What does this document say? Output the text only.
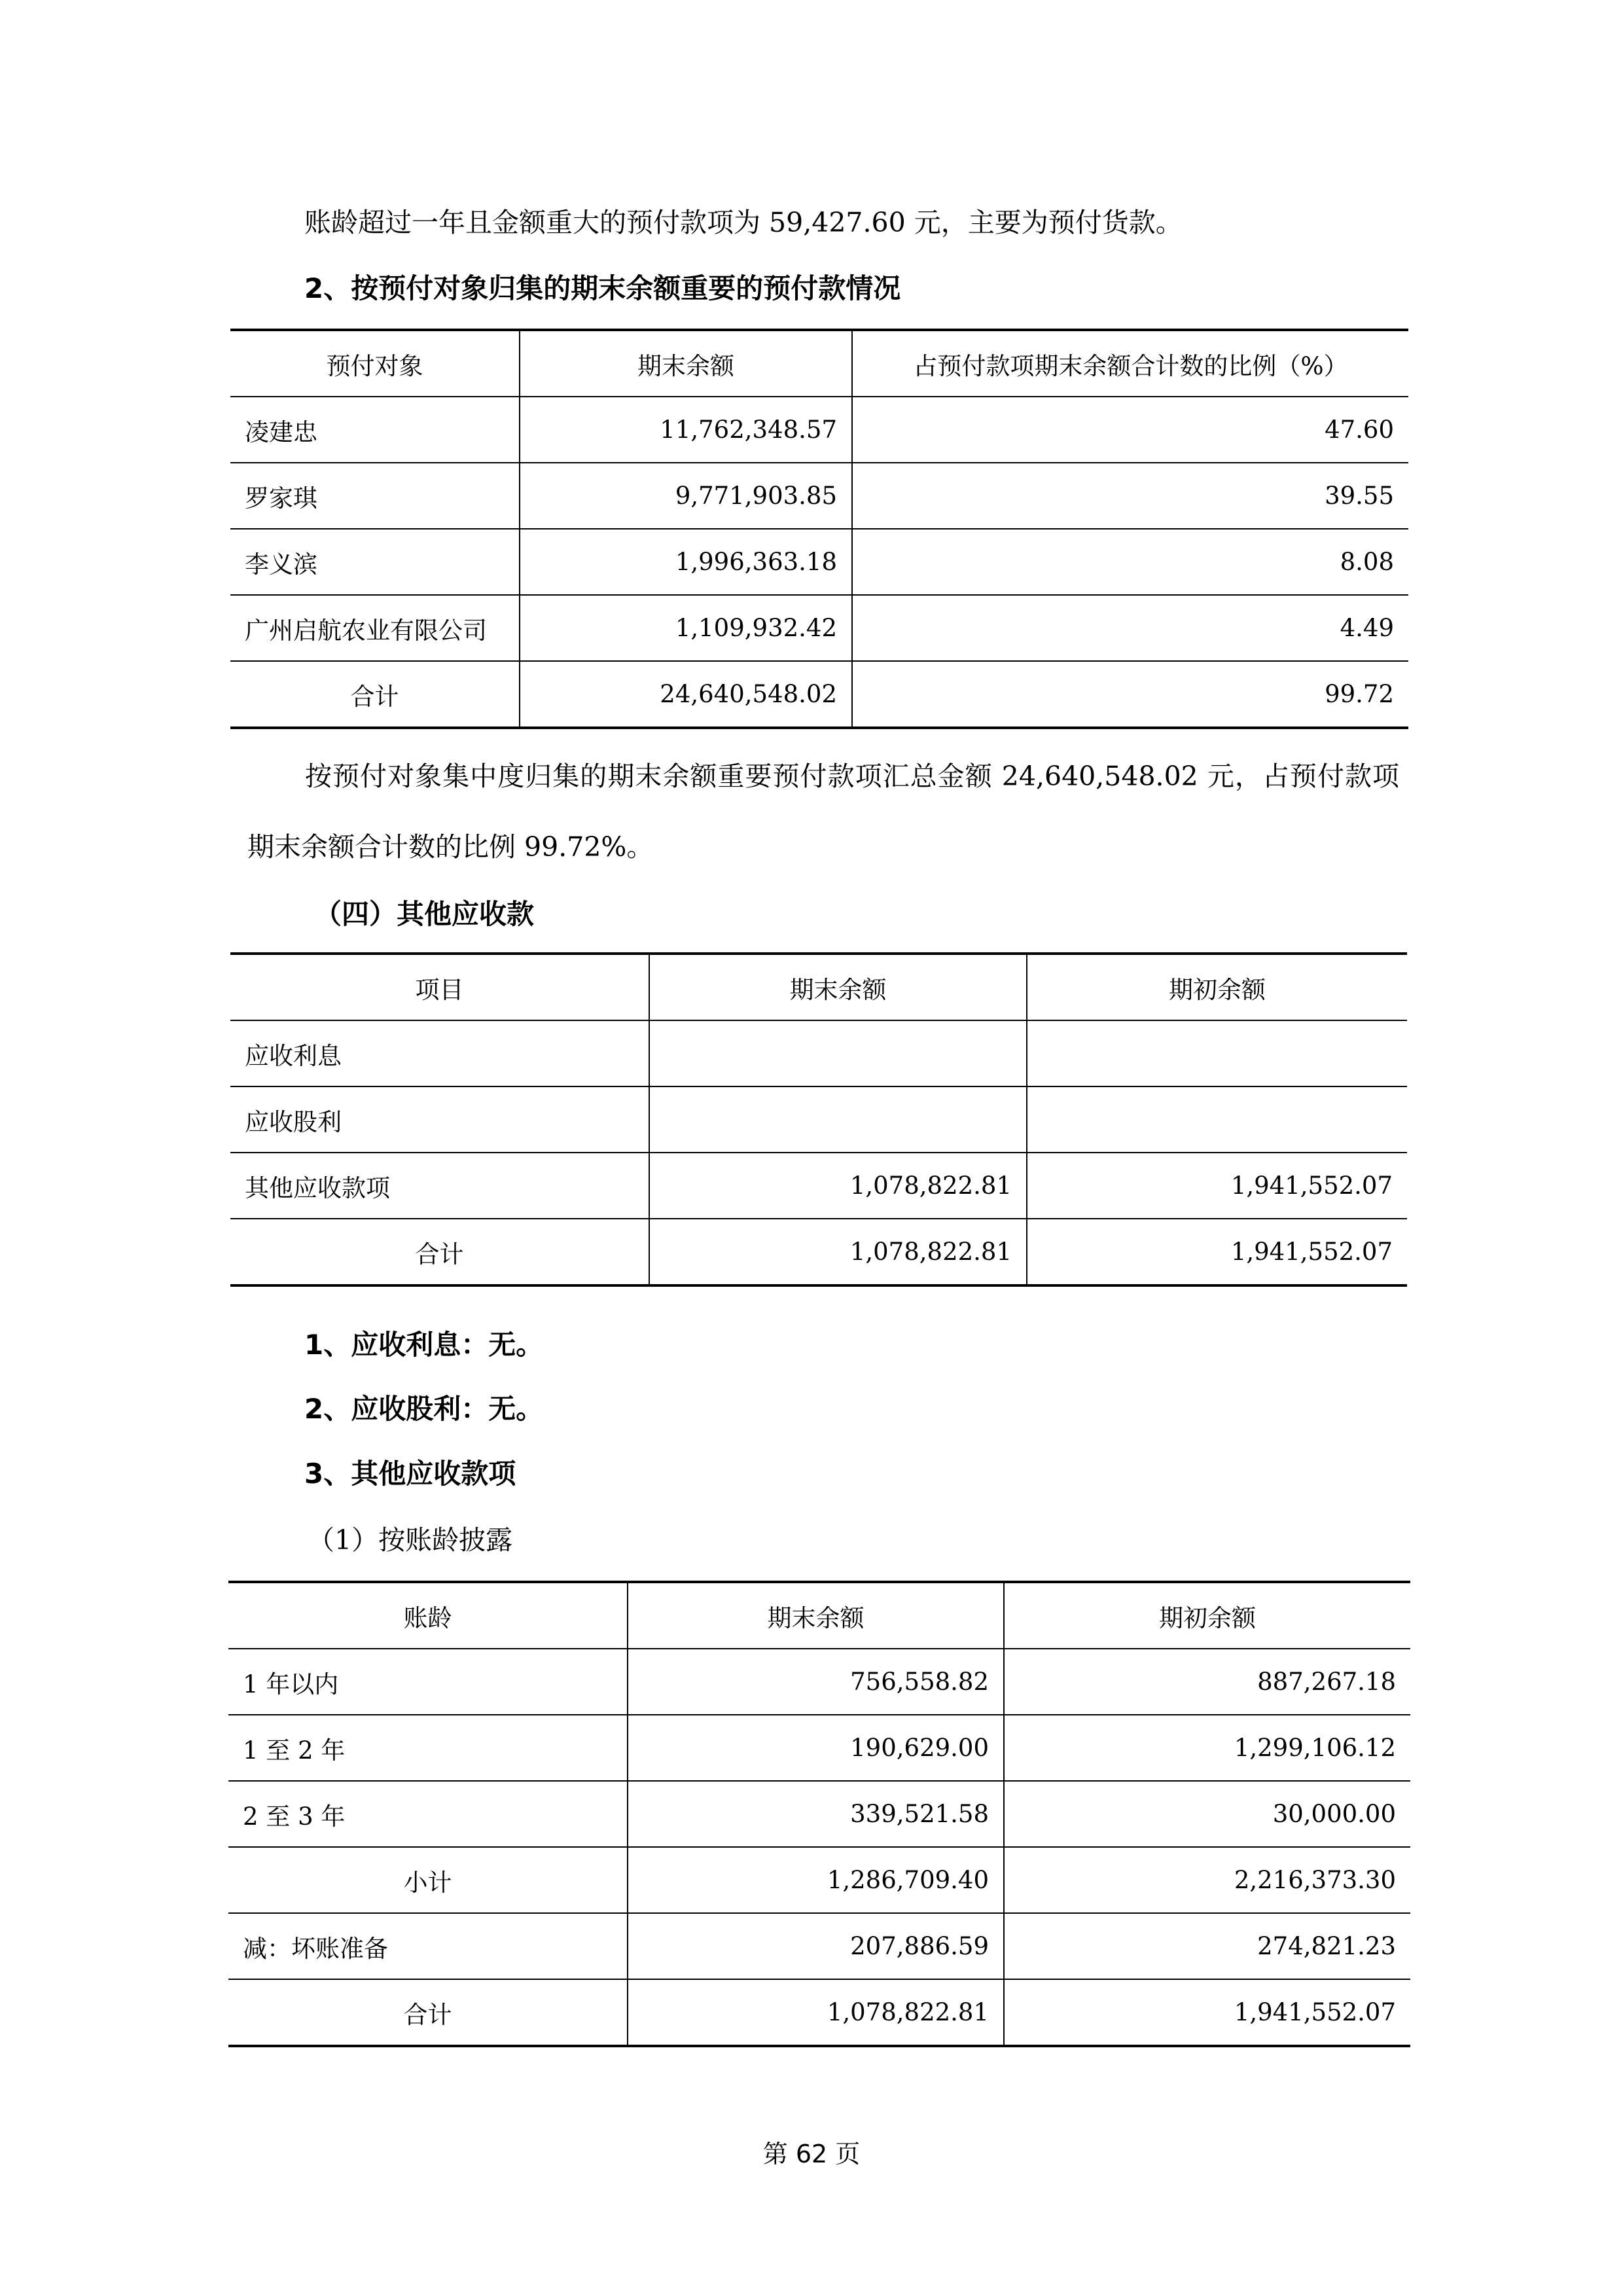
账龄超过一年且金额重大的预付款项为 59,427.60 元，主要为预付货款。

2、按预付对象归集的期末余额重要的预付款情况
预付对象	期末余额	占预付款项期末余额合计数的比例（%）
凌建忠	11,762,348.57	47.60
罗家琪	9,771,903.85	39.55
李义滨	1,996,363.18	8.08
广州启航农业有限公司	1,109,932.42	4.49
合计	24,640,548.02	99.72

按预付对象集中度归集的期末余额重要预付款项汇总金额 24,640,548.02 元，占预付款项期末余额合计数的比例 99.72%。

（四）其他应收款
项目	期末余额	期初余额
应收利息		
应收股利		
其他应收款项	1,078,822.81	1,941,552.07
合计	1,078,822.81	1,941,552.07
1、应收利息：无。
2、应收股利：无。
3、其他应收款项

（1）按账龄披露

账龄	期末余额	期初余额
1 年以内	756,558.82	887,267.18
1 至 2 年	190,629.00	1,299,106.12
2 至 3 年	339,521.58	30,000.00
小计	1,286,709.40	2,216,373.30
减：坏账准备	207,886.59	274,821.23
合计	1,078,822.81	1,941,552.07
第 62 页
